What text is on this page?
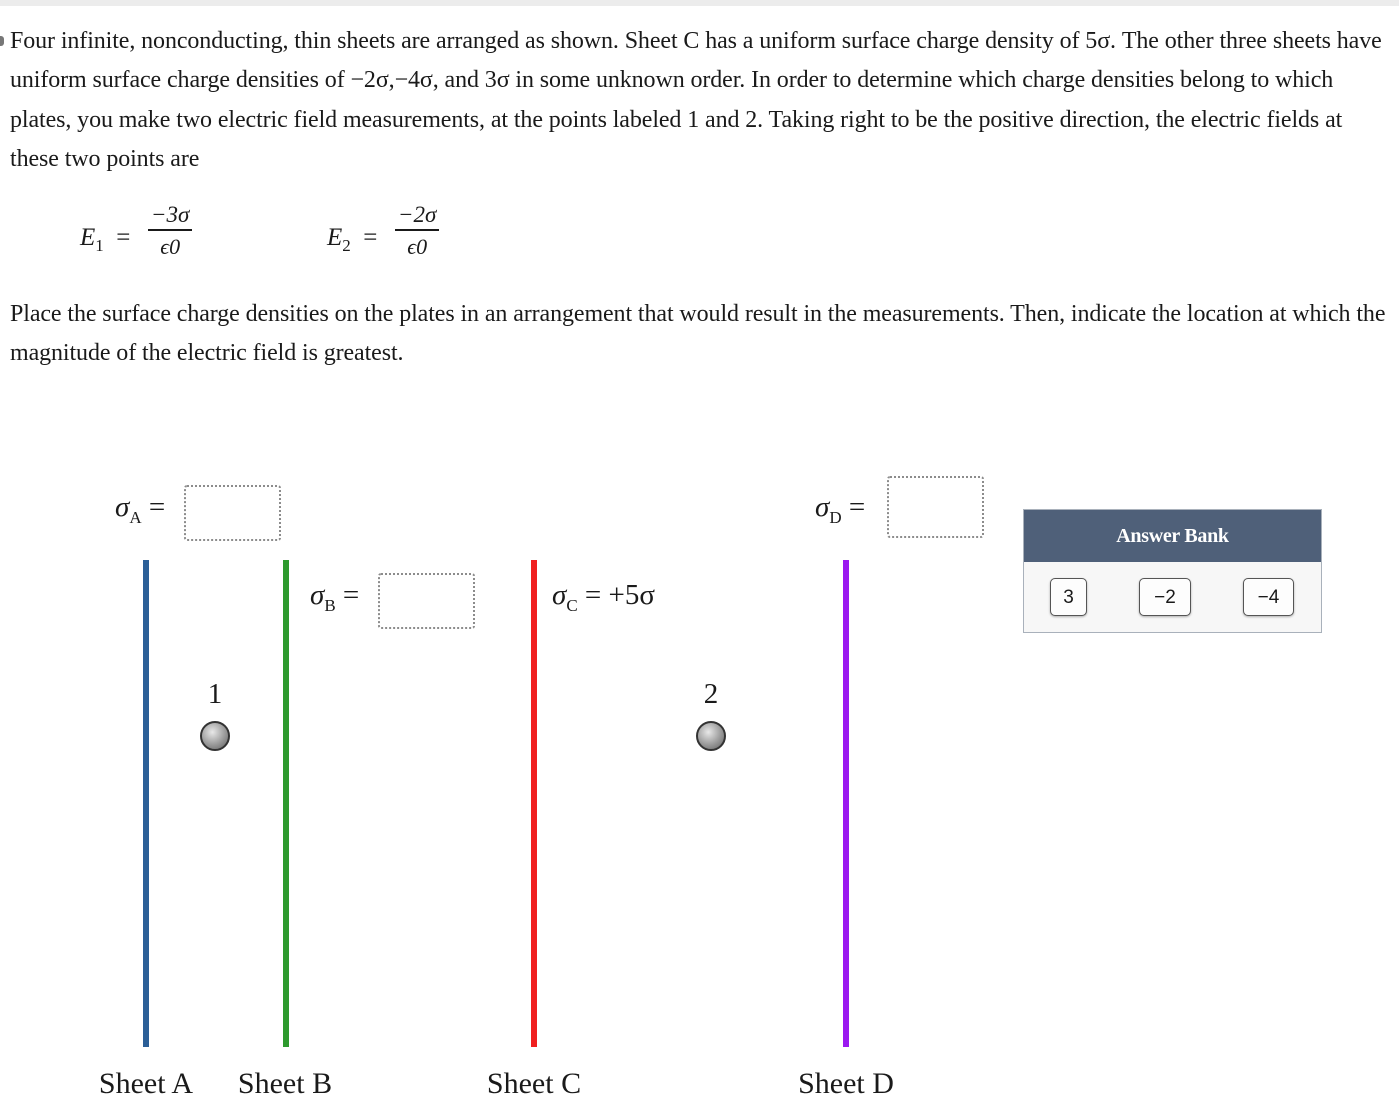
Four infinite, nonconducting, thin sheets are arranged as shown. Sheet C has a uniform surface charge density of 5σ. The other three sheets have uniform surface charge densities of −2σ,−4σ, and 3σ in some unknown order. In order to determine which charge densities belong to which plates, you make two electric field measurements, at the points labeled 1 and 2. Taking right to be the positive direction, the electric fields at these two points are
$E_1$  =
−3σ
ϵ0	$E_2$  =
−2σ
ϵ0
Place the surface charge densities on the plates in an arrangement that would result in the measurements. Then, indicate the location at which the magnitude of the electric field is greatest.
$\sigma_A$ =
$\sigma_B$ =	$\sigma_C = +5\sigma$
$\sigma_D$ =
1	2
Sheet A Sheet B	Sheet C	Sheet D
Answer Bank
3	−2	−4
